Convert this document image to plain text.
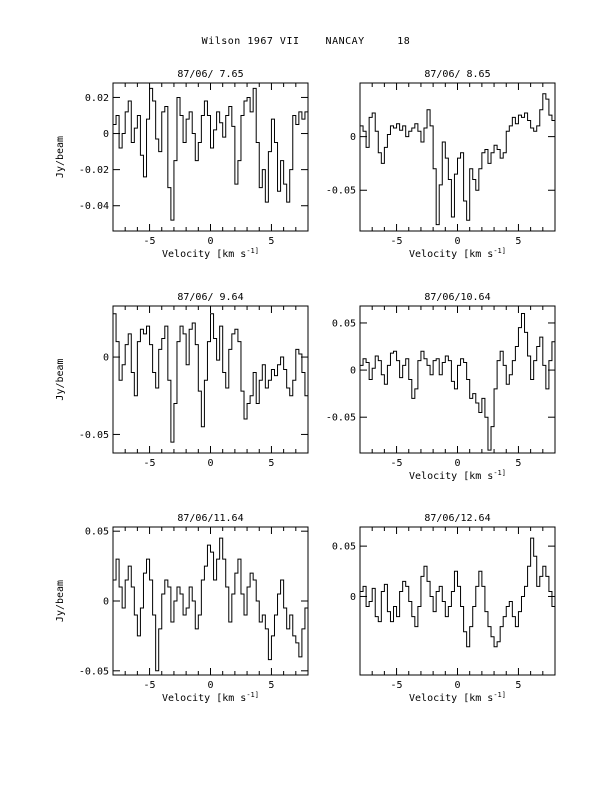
Wilson 1967 VII    NANCAY     18
87/06/ 7.65
-5	0	5
-0.04
-0.02
0
0.02
Velocity [km $s^{-1]}$
Jy/beam
87/06/ 8.65
-5	0	5
-0.05
0
Velocity [km $s^{-1]}$
87/06/ 9.64
-5	0	5
-0.05
0
Jy/beam
87/06/10.64
-5	0	5
-0.05
0
0.05
Velocity [km $s^{-1]}$
87/06/11.64
-5	0	5
-0.05
0
0.05
Velocity [km $s^{-1]}$
Jy/beam
87/06/12.64
-5	0	5
0
0.05
Velocity [km $s^{-1]}$
